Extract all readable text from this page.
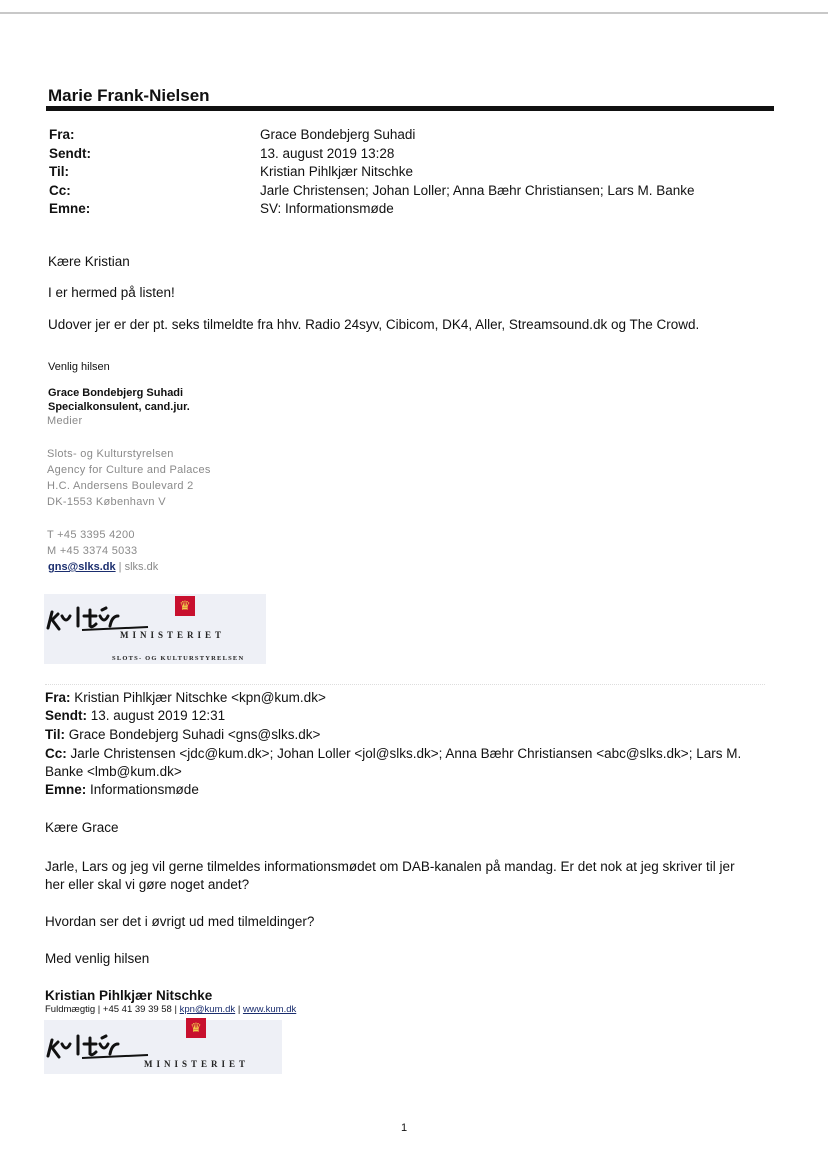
Marie Frank-Nielsen
Fra:	Grace Bondebjerg Suhadi
Sendt:	13. august 2019 13:28
Til:	Kristian Pihlkjær Nitschke
Cc:	Jarle Christensen; Johan Loller; Anna Bæhr Christiansen; Lars M. Banke
Emne:	SV: Informationsmøde
Kære Kristian
I er hermed på listen!
Udover jer er der pt. seks tilmeldte fra hhv. Radio 24syv, Cibicom, DK4, Aller, Streamsound.dk og The Crowd.
Venlig hilsen
Grace Bondebjerg Suhadi
Specialkonsulent, cand.jur.
Medier
Slots- og Kulturstyrelsen
Agency for Culture and Palaces
H.C. Andersens Boulevard 2
DK-1553 København V
T +45 3395 4200
M +45 3374 5033
gns@slks.dk | slks.dk
♛
MINISTERIET
SLOTS- OG KULTURSTYRELSEN
Fra: Kristian Pihlkjær Nitschke <kpn@kum.dk>
Sendt: 13. august 2019 12:31
Til: Grace Bondebjerg Suhadi <gns@slks.dk>
Cc: Jarle Christensen <jdc@kum.dk>; Johan Loller <jol@slks.dk>; Anna Bæhr Christiansen <abc@slks.dk>; Lars M.
Banke <lmb@kum.dk>
Emne: Informationsmøde
Kære Grace
Jarle, Lars og jeg vil gerne tilmeldes informationsmødet om DAB-kanalen på mandag. Er det nok at jeg skriver til jer
her eller skal vi gøre noget andet?
Hvordan ser det i øvrigt ud med tilmeldinger?
Med venlig hilsen
Kristian Pihlkjær Nitschke
Fuldmægtig | +45 41 39 39 58 | kpn@kum.dk | www.kum.dk
♛
MINISTERIET
1
